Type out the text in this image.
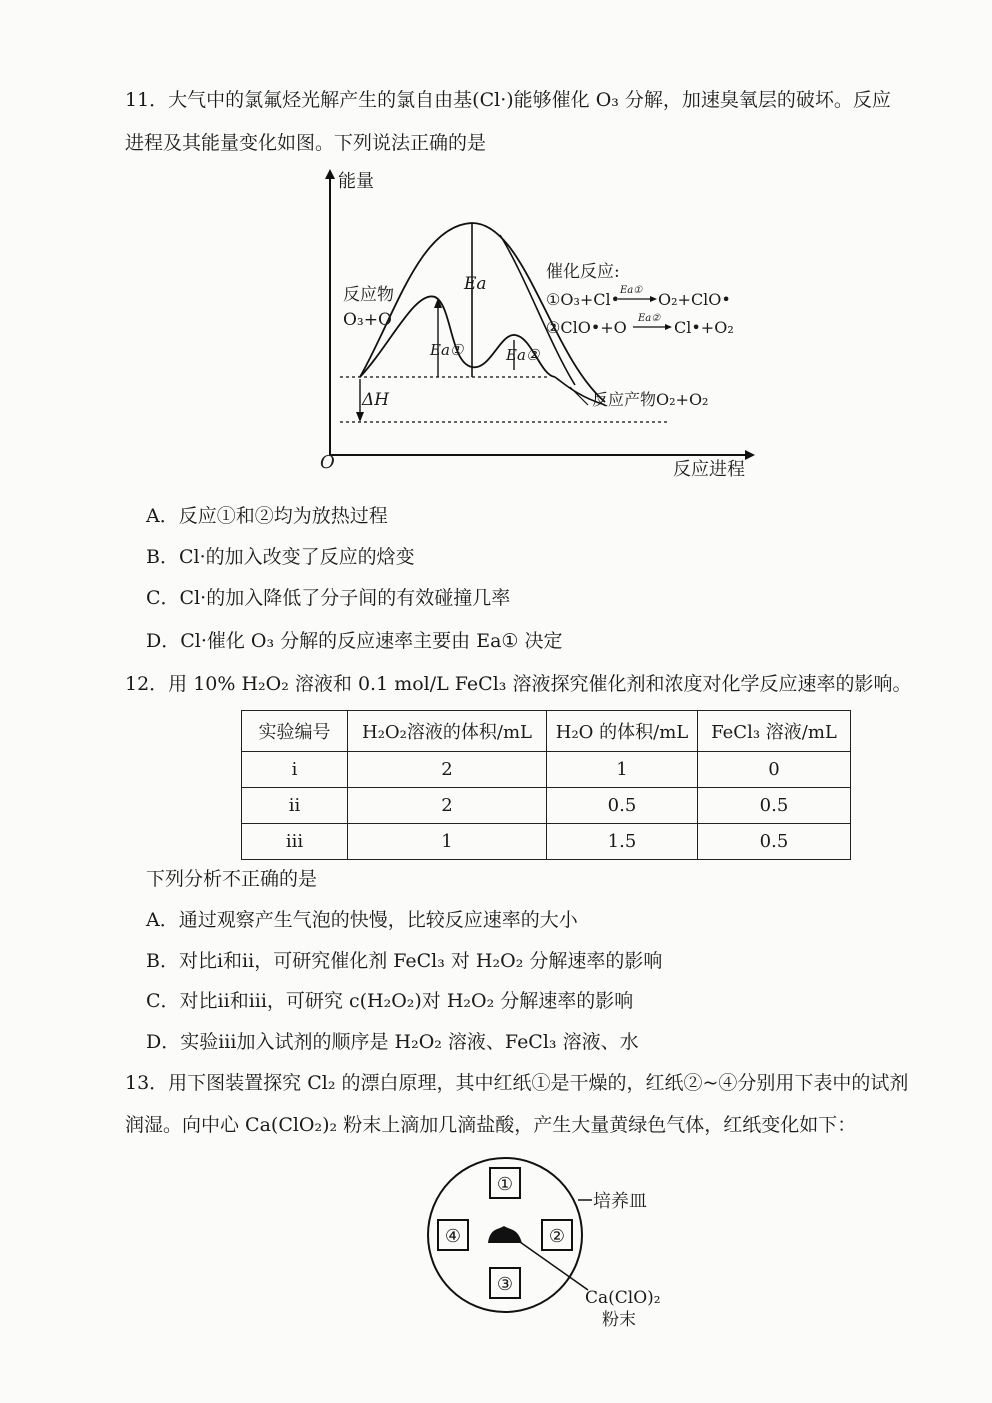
11．大气中的氯氟烃光解产生的氯自由基(Cl·)能够催化 O₃ 分解，加速臭氧层的破坏。反应
进程及其能量变化如图。下列说法正确的是
能量
反应进程
O
Ea
Ea①	Ea②
ΔH
反应物
O₃+O
催化反应:
①O₃+Cl• Ea① O₂+ClO•
②ClO•+O Ea② Cl•+O₂
反应产物O₂+O₂
A．反应①和②均为放热过程
B．Cl·的加入改变了反应的焓变
C．Cl·的加入降低了分子间的有效碰撞几率
D．Cl·催化 O₃ 分解的反应速率主要由 Ea① 决定
12．用 10% H₂O₂ 溶液和 0.1 mol/L FeCl₃ 溶液探究催化剂和浓度对化学反应速率的影响。
实验编号	H₂O₂溶液的体积/mL	H₂O 的体积/mL	FeCl₃ 溶液/mL
i	2	1	0
ii	2	0.5	0.5
iii	1	1.5	0.5
下列分析不正确的是
A．通过观察产生气泡的快慢，比较反应速率的大小
B．对比i和ii，可研究催化剂 FeCl₃ 对 H₂O₂ 分解速率的影响
C．对比ii和iii，可研究 c(H₂O₂)对 H₂O₂ 分解速率的影响
D．实验iii加入试剂的顺序是 H₂O₂ 溶液、FeCl₃ 溶液、水
13．用下图装置探究 Cl₂ 的漂白原理，其中红纸①是干燥的，红纸②~④分别用下表中的试剂
润湿。向中心 Ca(ClO₂)₂ 粉末上滴加几滴盐酸，产生大量黄绿色气体，红纸变化如下：
①
②
③
④
培养皿
Ca(ClO)₂
粉末
